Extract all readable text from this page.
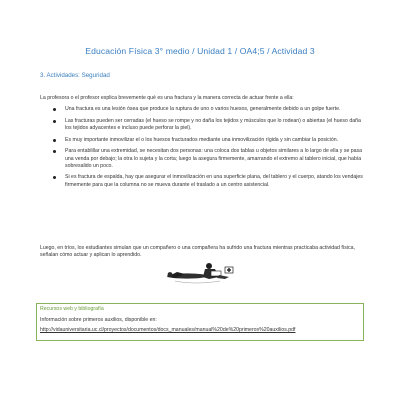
Educación Física 3° medio / Unidad 1 / OA4;5 / Actividad 3
3. Actividades: Seguridad
La profesora o el profesor explica brevemente qué es una fractura y la manera correcta de actuar frente a ella:
Una fractura es una lesión ósea que produce la ruptura de uno o varios huesos, generalmente debido a un golpe fuerte.
Las fracturas pueden ser cerradas (el hueso se rompe y no daña los tejidos y músculos que lo rodean) o abiertas (el hueso daña los tejidos adyacentes e incluso puede perforar la piel).
Es muy importante inmovilizar el o los huesos fracturados mediante una inmovilización rígida y sin cambiar la posición.
Para entablillar una extremidad, se necesitan dos personas: una coloca dos tablas u objetos similares a lo largo de ella y se pasa una venda por debajo; la otra lo sujeta y la corta; luego la asegura firmemente, amarrando el extremo al tablero inicial, que había sobresalido un poco.
Si es fractura de espalda, hay que asegurar el inmovilización en una superficie plana, del tablero y el cuerpo, atando los vendajes firmemente para que la columna no se mueva durante el traslado a un centro asistencial.
Luego, en tríos, los estudiantes simulan que un compañero o una compañera ha sufrido una fractura mientras practicaba actividad física, señalan cómo actuar y aplican lo aprendido.
Recursos web y bibliografía
Información sobre primeros auxilios, disponible en:
http://vidauniversitaria.uc.cl/proyectos/documentos/docs_manuales/manual%20de%20primeros%20auxilios.pdf
